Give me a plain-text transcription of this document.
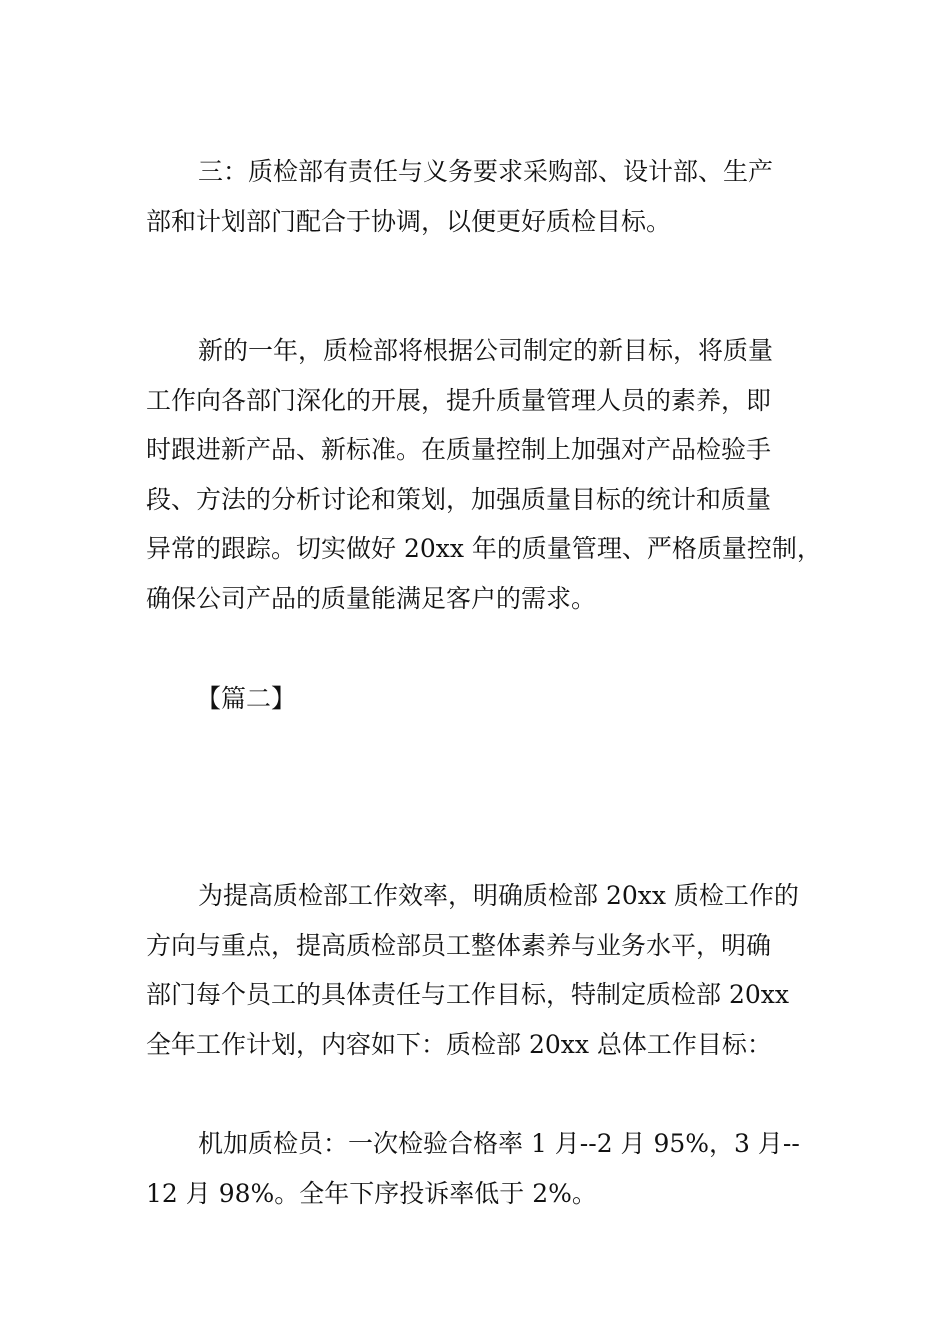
三：质检部有责任与义务要求采购部、设计部、生产
部和计划部门配合于协调，以便更好质检目标。
新的一年，质检部将根据公司制定的新目标，将质量
工作向各部门深化的开展，提升质量管理人员的素养，即
时跟进新产品、新标准。在质量控制上加强对产品检验手
段、方法的分析讨论和策划，加强质量目标的统计和质量
异常的跟踪。切实做好 20xx 年的质量管理、严格质量控制，
确保公司产品的质量能满足客户的需求。
【篇二】
为提高质检部工作效率，明确质检部 20xx 质检工作的
方向与重点，提高质检部员工整体素养与业务水平，明确
部门每个员工的具体责任与工作目标，特制定质检部 20xx
全年工作计划，内容如下：质检部 20xx 总体工作目标：
机加质检员：一次检验合格率 1 月--2 月 95%，3 月--
12 月 98%。全年下序投诉率低于 2%。
